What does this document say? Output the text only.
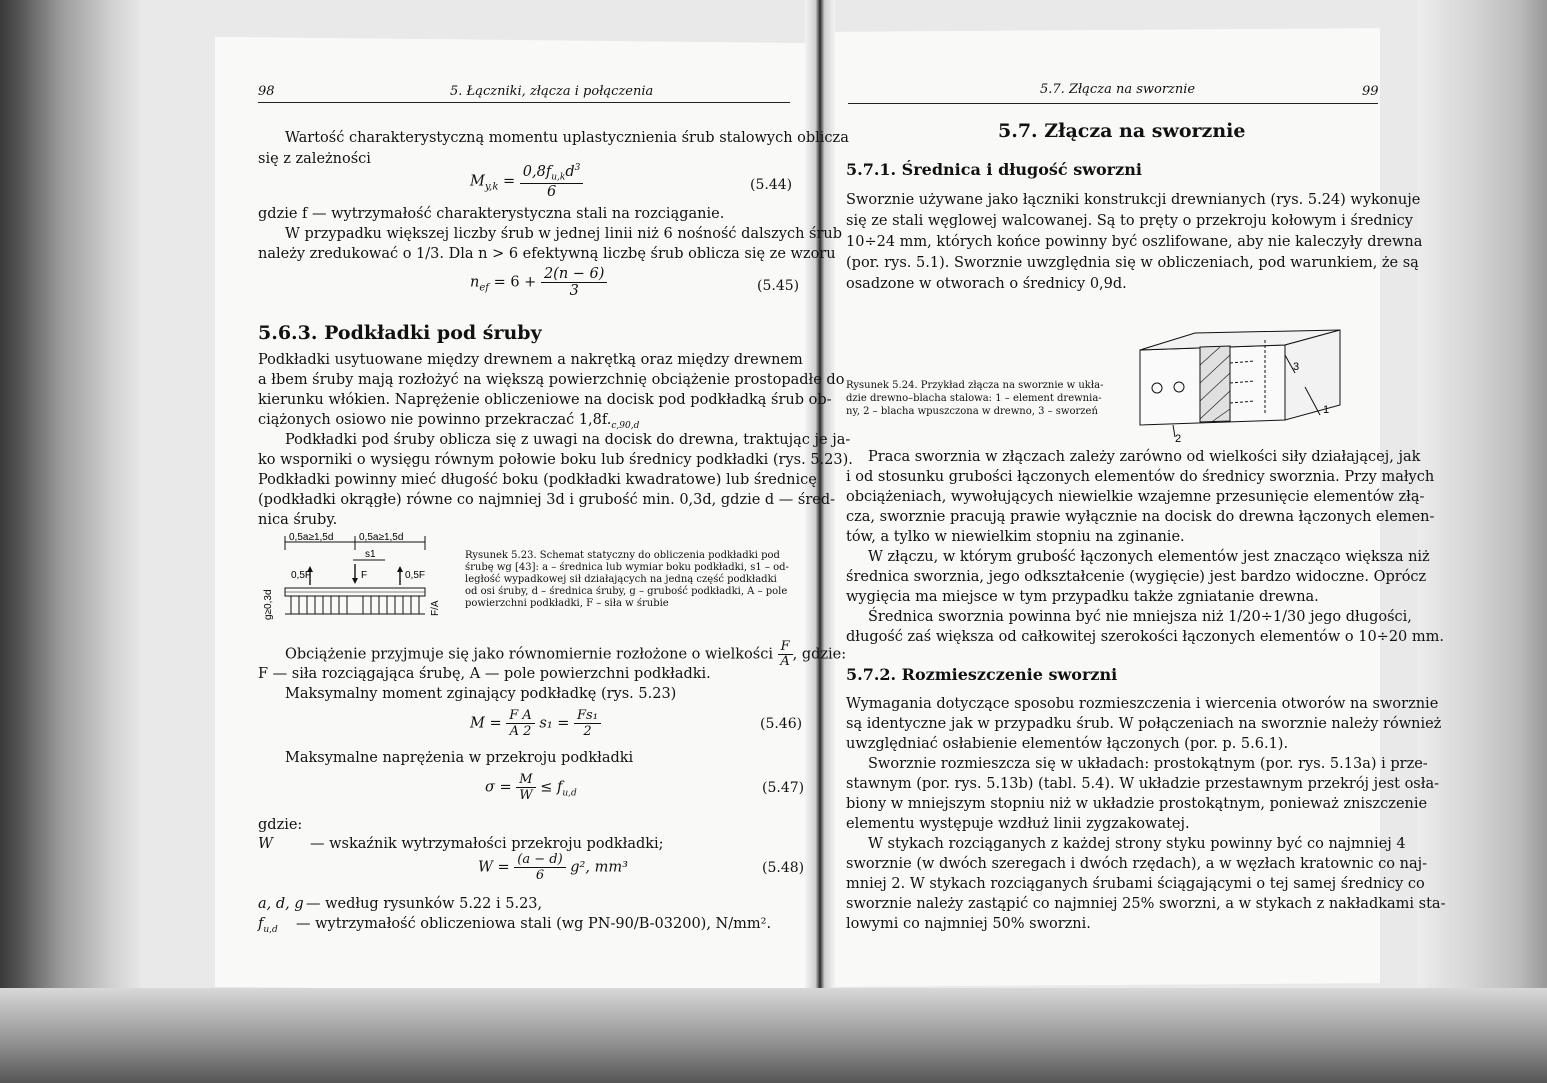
98	5. Łączniki, złącza i połączenia
Wartość charakterystyczną momentu uplastycznienia śrub stalowych oblicza
się z zależności
$M_{y,k} = \frac{0,8f_{u,k}d^3}{6}$	(5.44)
gdzie f — wytrzymałość charakterystyczna stali na rozciąganie.
W przypadku większej liczby śrub w jednej linii niż 6 nośność dalszych śrub
należy zredukować o 1/3. Dla n > 6 efektywną liczbę śrub oblicza się ze wzoru
$n_{ef} = 6 + \frac{2(n - 6)}{3}$	(5.45)
5.6.3. Podkładki pod śruby
Podkładki usytuowane między drewnem a nakrętką oraz między drewnem
a łbem śruby mają rozłożyć na większą powierzchnię obciążenie prostopadłe do
kierunku włókien. Naprężenie obliczeniowe na docisk pod podkładką śrub ob-
ciążonych osiowo nie powinno przekraczać $1,8f._{c,90,d}$
Podkładki pod śruby oblicza się z uwagi na docisk do drewna, traktując je ja-
ko wsporniki o wysięgu równym połowie boku lub średnicy podkładki (rys. 5.23).
Podkładki powinny mieć długość boku (podkładki kwadratowe) lub średnicę
(podkładki okrągłe) równe co najmniej 3d i grubość min. 0,3d, gdzie d — śred-
nica śruby.
0,5a≥1,5d	0,5a≥1,5d
s1
0,5F	F	0,5F
g≥0,3d	F/A
Rysunek 5.23. Schemat statyczny do obliczenia podkładki pod
śrubę wg [43]: a – średnica lub wymiar boku podkładki, s1 – od-
ległość wypadkowej sił działających na jedną część podkładki
od osi śruby, d – średnica śruby, g – grubość podkładki, A – pole
powierzchni podkładki, F – siła w śrubie
Obciążenie przyjmuje się jako równomiernie rozłożone o wielkości $\frac{F}{A}$ , gdzie:
F — siła rozciągająca śrubę, A — pole powierzchni podkładki.
Maksymalny moment zginający podkładkę (rys. 5.23)
$M = \frac{\text{F A}}{A 2} s_1 = \frac{\text{Fs₁}}{2}$	(5.46)
Maksymalne naprężenia w przekroju podkładki
$\sigma = \frac{M}{W} \le f_{u,d}$	(5.47)
gdzie:
W	— wskaźnik wytrzymałości przekroju podkładki;
$W = \frac{(a - d)}{6} g^2$, mm³	(5.48)
a, d, g — według rysunków 5.22 i 5.23,
$f_{u,d}$ — wytrzymałość obliczeniowa stali (wg PN-90/B-03200), N/mm².
5.7. Złącza na sworznie	99
5.7. Złącza na sworznie
5.7.1. Średnica i długość sworzni
Sworznie używane jako łączniki konstrukcji drewnianych (rys. 5.24) wykonuje
się ze stali węglowej walcowanej. Są to pręty o przekroju kołowym i średnicy
10÷24 mm, których końce powinny być oszlifowane, aby nie kaleczyły drewna
(por. rys. 5.1). Sworznie uwzględnia się w obliczeniach, pod warunkiem, że są
osadzone w otworach o średnicy 0,9d.
Rysunek 5.24. Przykład złącza na sworznie w ukła-
dzie drewno–blacha stalowa: 1 – element drewnia-
ny, 2 – blacha wpuszczona w drewno, 3 – sworzeń
3
1
2
Praca sworznia w złączach zależy zarówno od wielkości siły działającej, jak
i od stosunku grubości łączonych elementów do średnicy sworznia. Przy małych
obciążeniach, wywołujących niewielkie wzajemne przesunięcie elementów złą-
cza, sworznie pracują prawie wyłącznie na docisk do drewna łączonych elemen-
tów, a tylko w niewielkim stopniu na zginanie.
W złączu, w którym grubość łączonych elementów jest znacząco większa niż
średnica sworznia, jego odkształcenie (wygięcie) jest bardzo widoczne. Oprócz
wygięcia ma miejsce w tym przypadku także zgniatanie drewna.
Średnica sworznia powinna być nie mniejsza niż 1/20÷1/30 jego długości,
długość zaś większa od całkowitej szerokości łączonych elementów o 10÷20 mm.
5.7.2. Rozmieszczenie sworzni
Wymagania dotyczące sposobu rozmieszczenia i wiercenia otworów na sworznie
są identyczne jak w przypadku śrub. W połączeniach na sworznie należy również
uwzględniać osłabienie elementów łączonych (por. p. 5.6.1).
Sworznie rozmieszcza się w układach: prostokątnym (por. rys. 5.13a) i prze-
stawnym (por. rys. 5.13b) (tabl. 5.4). W układzie przestawnym przekrój jest osła-
biony w mniejszym stopniu niż w układzie prostokątnym, ponieważ zniszczenie
elementu występuje wzdłuż linii zygzakowatej.
W stykach rozciąganych z każdej strony styku powinny być co najmniej 4
sworznie (w dwóch szeregach i dwóch rzędach), a w węzłach kratownic co naj-
mniej 2. W stykach rozciąganych śrubami ściągającymi o tej samej średnicy co
sworznie należy zastąpić co najmniej 25% sworzni, a w stykach z nakładkami sta-
lowymi co najmniej 50% sworzni.
